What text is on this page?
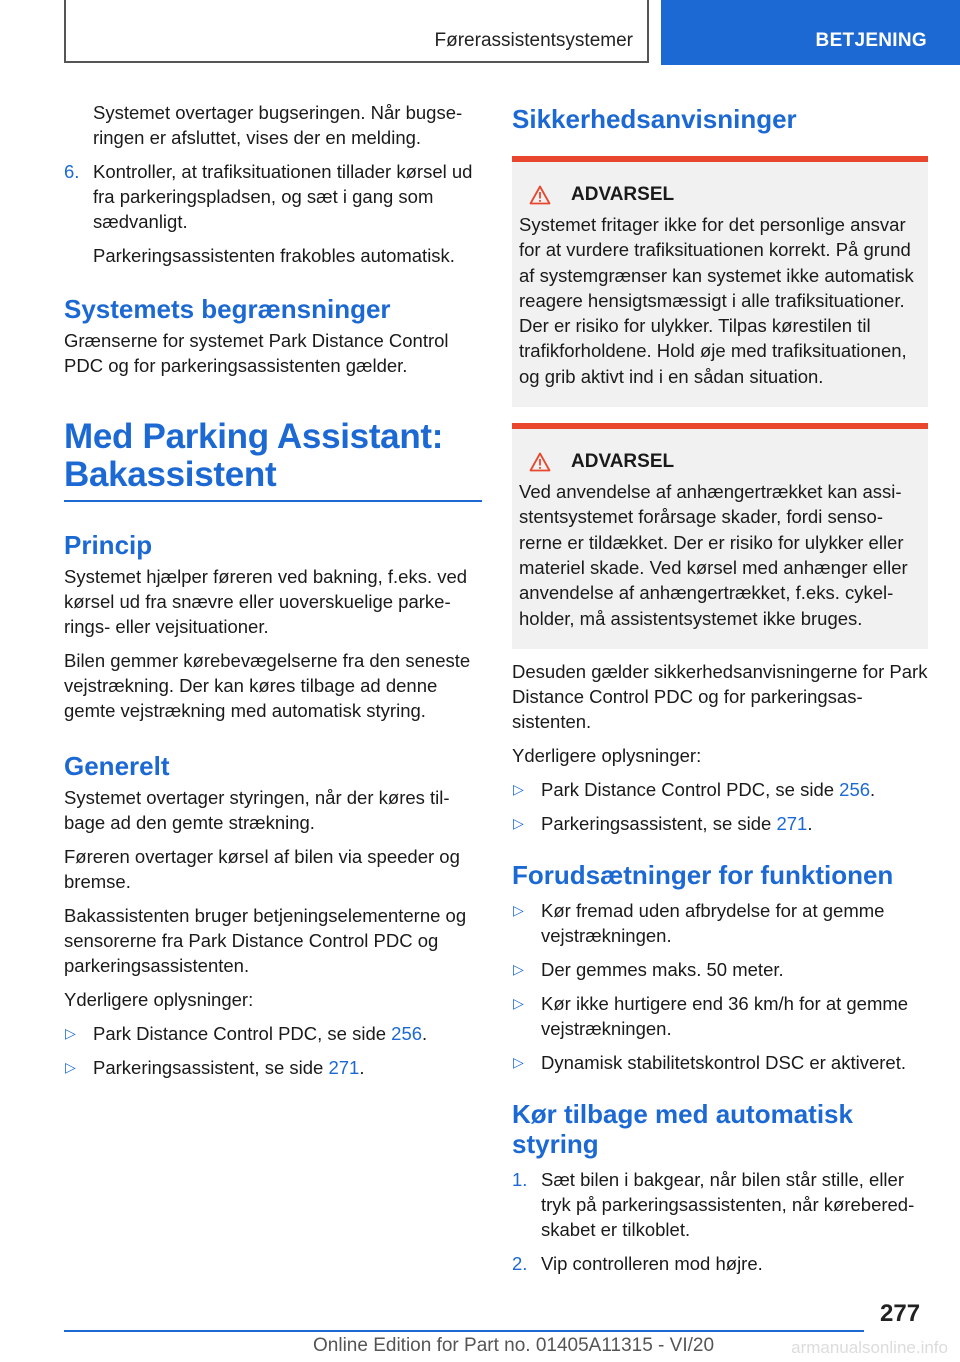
Førerassistentsystemer	BETJENING

Systemet overtager bugseringen. Når bugseringen er afsluttet, vises der en melding.

6. Kontroller, at trafiksituationen tillader kørsel ud fra parkeringspladsen, og sæt i gang som sædvanligt.

Parkeringsassistenten frakobles automatisk.

Systemets begrænsninger

Grænserne for systemet Park Distance Control PDC og for parkeringsassistenten gælder.

Med Parking Assistant:
Bakassistent
Princip

Systemet hjælper føreren ved bakning, f.eks. ved kørsel ud fra snævre eller uoverskuelige parkerings- eller vejsituationer.

Bilen gemmer kørebevægelserne fra den seneste vejstrækning. Der kan køres tilbage ad denne gemte vejstrækning med automatisk styring.

Generelt

Systemet overtager styringen, når der køres tilbage ad den gemte strækning.

Føreren overtager kørsel af bilen via speeder og bremse.

Bakassistenten bruger betjeningselementerne og sensorerne fra Park Distance Control PDC og parkeringsassistenten.

Yderligere oplysninger:

▷ Park Distance Control PDC, se side 256.

▷ Parkeringsassistent, se side 271.

Sikkerhedsanvisninger
ADVARSEL

Systemet fritager ikke for det personlige ansvar for at vurdere trafiksituationen korrekt. På grund af systemgrænser kan systemet ikke automatisk reagere hensigtsmæssigt i alle trafiksituationer. Der er risiko for ulykker. Tilpas kørestilen til trafikforholdene. Hold øje med trafiksituationen, og grib aktivt ind i en sådan situation.

ADVARSEL

Ved anvendelse af anhængertrækket kan assistentsystemet forårsage skader, fordi sensorerne er tildækket. Der er risiko for ulykker eller materiel skade. Ved kørsel med anhænger eller anvendelse af anhængertrækket, f.eks. cykelholder, må assistentsystemet ikke bruges.

Desuden gælder sikkerhedsanvisningerne for Park Distance Control PDC og for parkeringsassistenten.

Yderligere oplysninger:

▷ Park Distance Control PDC, se side 256.

▷ Parkeringsassistent, se side 271.

Forudsætninger for funktionen

▷ Kør fremad uden afbrydelse for at gemme vejstrækningen.

▷ Der gemmes maks. 50 meter.

▷ Kør ikke hurtigere end 36 km/h for at gemme vejstrækningen.

▷ Dynamisk stabilitetskontrol DSC er aktiveret.

Kør tilbage med automatisk styring

1. Sæt bilen i bakgear, når bilen står stille, eller tryk på parkeringsassistenten, når køreberedskabet er tilkoblet.

2. Vip controlleren mod højre.

277
Online Edition for Part no. 01405A11315 - VI/20	armanualsonline.info
